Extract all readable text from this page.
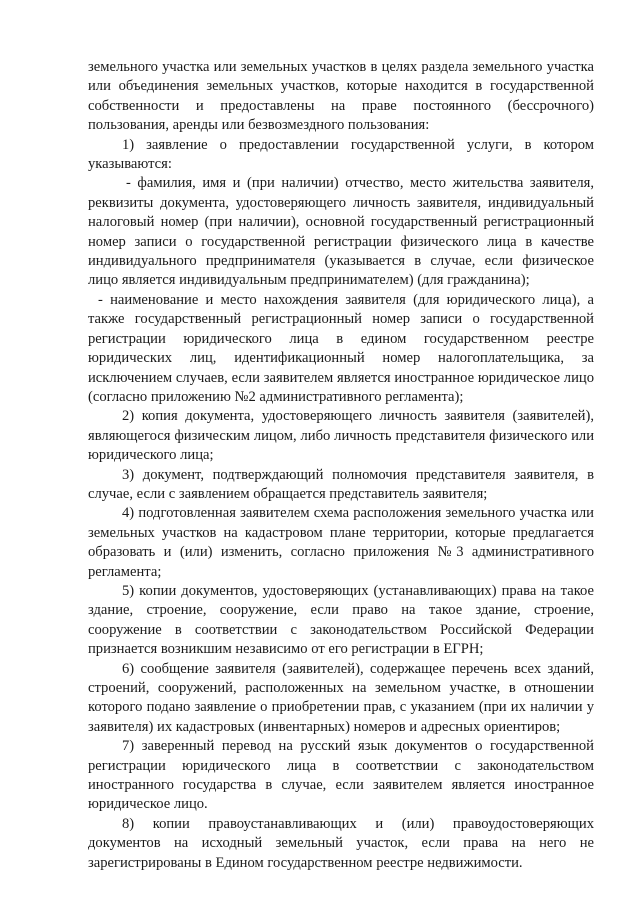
земельного участка или земельных участков в целях раздела земельного участка или объединения земельных участков, которые находится в государственной собственности и предоставлены на праве постоянного (бессрочного) пользования, аренды или безвозмездного пользования:

1) заявление о предоставлении государственной услуги, в котором указываются:

- фамилия, имя и (при наличии) отчество, место жительства заявителя, реквизиты документа, удостоверяющего личность заявителя, индивидуальный налоговый номер (при наличии), основной государственный регистрационный номер записи о государственной регистрации физического лица в качестве индивидуального предпринимателя (указывается в случае, если физическое лицо является индивидуальным предпринимателем) (для гражданина);

- наименование и место нахождения заявителя (для юридического лица), а также государственный регистрационный номер записи о государственной регистрации юридического лица в едином государственном реестре юридических лиц, идентификационный номер налогоплательщика, за исключением случаев, если заявителем является иностранное юридическое лицо (согласно приложению №2 административного регламента);

2) копия документа, удостоверяющего личность заявителя (заявителей), являющегося физическим лицом, либо личность представителя физического или юридического лица;

3) документ, подтверждающий полномочия представителя заявителя, в случае, если с заявлением обращается представитель заявителя;

4) подготовленная заявителем схема расположения земельного участка или земельных участков на кадастровом плане территории, которые предлагается образовать и (или) изменить, согласно приложения №3 административного регламента;

5) копии документов, удостоверяющих (устанавливающих) права на такое здание, строение, сооружение, если право на такое здание, строение, сооружение в соответствии с законодательством Российской Федерации признается возникшим независимо от его регистрации в ЕГРН;

6) сообщение заявителя (заявителей), содержащее перечень всех зданий, строений, сооружений, расположенных на земельном участке, в отношении которого подано заявление о приобретении прав, с указанием (при их наличии у заявителя) их кадастровых (инвентарных) номеров и адресных ориентиров;

7) заверенный перевод на русский язык документов о государственной регистрации юридического лица в соответствии с законодательством иностранного государства в случае, если заявителем является иностранное юридическое лицо.

8) копии правоустанавливающих и (или) правоудостоверяющих документов на исходный земельный участок, если права на него не зарегистрированы в Едином государственном реестре недвижимости.
